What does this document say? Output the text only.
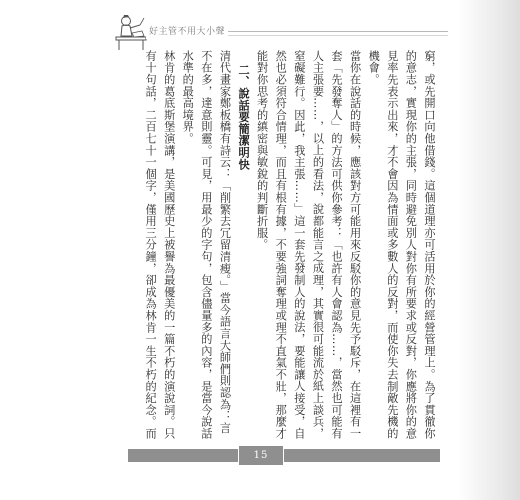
好主管不用大小聲

窮，或先開口向他借錢。這個道理亦可活用於你的經營管理上。為了貫徹你的意志，實現你的主張，同時避免別人對你有所要求或反對，你應將你的意見率先表示出來，才不會因為情面或多數人的反對，而使你失去制敵先機的機會。

當你在說話的時候，應該對方可能用來反駁你的意見先予駁斥，在這裡有一套「先發奪人」的方法可供你參考：「也許有人會認為……，當然也可能有人主張要……，以上的看法，說都能言之成理，其實很可能流於紙上談兵，窒礙難行。因此，我主張……」這一套先發制人的說法，要能讓人接受，自然也必須符合情理，而且有根有據，不要強詞奪理或理不直氣不壯，那麼才能對你思考的縝密與敏銳的判斷折服。

二、說話要簡潔明快

清代畫家鄭板橋有詩云：「削繁去冗留清瘦。」當今語言大師們則認為：言不在多，達意則靈。可見，用最少的字句，包含儘量多的內容，是當今說話水準的最高境界。

林肯的葛底斯堡演講，是美國歷史上被譽為最優美的一篇不朽的演說詞。只有十句話，二百七十一個字，僅用三分鐘，卻成為林肯一生不朽的紀念。而

15
